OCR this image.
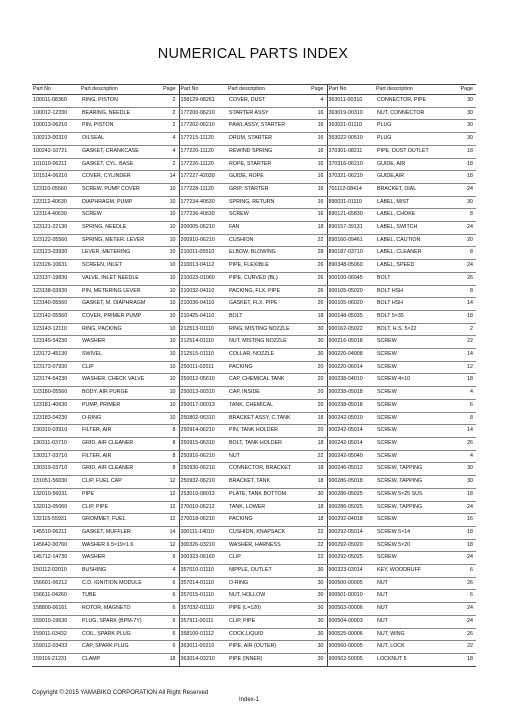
NUMERICAL PARTS INDEX
Part No	Part description	Page	Part No	Part description	Page	Part No	Part description	Page
100011-08360	RING, PISTON	2	158129-08261	COVER, DUST	4	363011-00310	CONNECTOR, PIPE	30
100012-12330	BEARING, NEEDLE	2	177200-06210	STARTER ASSY	16	363019-00310	NUT, CONNECTOR	30
100013-06210	PIN, PISTON	2	177202-06210	PAWL ASSY, STARTER	16	363021-01110	PLUG	30
100213-00310	OILSEAL	4	177215-11120	DRUM, STARTER	16	363022-00510	PLUG	30
100242-10721	GASKET, CRANKCASE	4	177220-11120	REWIND SPRING	16	370301-08211	PIPE, DUST OUTLET	18
101010-06211	GASKET, CYL. BASE	2	177226-11120	ROPE, STARTER	16	370316-06210	GUIDE, AIR	18
101514-06210	COVER, CYLINDER	14	177227-42030	GUIDE, ROPE	16	370321-06210	GUIDE,AIR	18
123110-05560	SCREW, PUMP COVER	10	177228-11120	GRIP, STARTER	16	701112-08414	BRACKET, DIAL	24
123112-40630	DIAPHRAGM, PUMP	10	177234-40630	SPRING, RETURN	16	890031-01110	LABEL, MIST	30
123114-40630	SCREW	10	177236-40630	SCREW	16	890121-65830	LABEL, CHOKE	8
123121-22130	SPRING, NEEDLE	10	200005-06210	FAN	18	890157-39131	LABEL, SWITCH	24
123122-05560	SPRING, METER. LEVER	10	200910-06210	CUSHION	22	890160-09461	LABEL, CAUTION	20
123123-03930	LEVER, METERING	10	210011-05510	ELBOW, BLOWING	28	890187-03710	LABEL, CLEANER	8
123126-10631	SCREEN, INLET	10	210013-04112	PIPE, FLEXIBLE	26	890348-05060	LABEL, SPEED	24
123137-19830	VALVE, INLET NEEDLE	10	210023-01060	PIPE, CURVED (BL)	26	900100-06045	BOLT	26
123138-03930	PIN, METERING LEVER	10	210032-04110	PACKING, FLX. PIPE	26	900105-05020	BOLT HSH	8
123140-05560	GASKET, M. DIAPHRAGM	10	210036-04110	GASKET, FLX. PIPE	26	900105-06020	BOLT HSH	14
123142-05560	COVER, PRIMER PUMP	10	210425-04110	BOLT	18	900148-05035	BOLT 5×35	18
123143-12110	RING, PACKING	10	212513-01110	RING, MISTING NOZZLE	30	900162-05022	BOLT, H.S. 5×22	2
123149-54230	WASHER	10	212514-01110	NUT, MISTING NOZZLE	30	900216-05018	SCREW	22
123172-45130	SWIVEL	10	212515-01110	COLLAR, NOZZLE	30	900220-04008	SCREW	14
123173-07930	CLIP	10	250011-02011	PACKING	20	900220-06014	SCREW	12
123174-54230	WASHER, CHECK VALVE	10	250012-05610	CAP, CHEMICAL TANK	20	900238-04010	SCREW 4×10	18
123180-05560	BODY, AIR PURGE	10	250013-00310	CAP, INSIDE	20	900238-05018	SCREW	4
123181-40630	PUMP, PRIMER	10	250017-06013	TANK, CHEMICAL	20	900238-05018	SCREW	6
123183-04230	O-RING	10	250802-06310	BRACKET ASSY, C.TANK	18	900242-05010	SCREW	8
130310-03910	FILTER, AIR	8	250914-06210	PIN, TANK HOLDER	20	900242-05014	SCREW	14
130311-03710	GRID, AIR CLEANER	8	250915-06310	BOLT, TANK HOLDER	18	900242-05014	SCREW	26
130317-03710	FILTER, AIR	8	250916-06210	NUT	22	900242-05040	SCREW	4
130319-03710	GRID, AIR CLEANER	8	250930-06210	CONNECTOR, BRACKET	18	900246-05012	SCREW, TAPPING	30
131051-56030	CLIP, FUEL CAP	12	250932-06210	BRACKET, TANK	18	900286-05018	SCREW, TAPPING	30
132010-56031	PIPE	12	253010-08013	PLATE, TANK BOTTOM	30	900286-05025	SCREW 5×25 SUS	18
132013-05060	CLIP, PIPE	12	270010-06212	TANK, LOWER	18	900286-05025	SCREW, TAPPING	24
132115-55931	GROMMET, FUEL	12	270018-06210	PACKING	18	900292-04018	SCREW	16
145510-06211	GASKET, MUFFLER	14	300111-14010	CUSHION, KNAPSACK	22	900292-05014	SCREW 5×14	18
145642-00760	WASHER 6.5×19×1.6	12	300326-03210	WASHER, HARNESS	22	900292-05020	SCREW 5×20	18
145712-14730	WASHER	6	300323-06160	CLIP	22	900292-05025	SCREW	24
150112-02010	BUSHING	4	357010-01110	NIPPLE, OUTLET	30	900323-03014	KEY, WOODRUFF	6
156601-06212	C.D. IGNITION MODULE	6	357014-01110	O-RING	30	900500-00005	NUT	26
156611-04260	TUBE	6	357015-01110	NUT, HOLLOW	30	900501-00010	NUT	6
158800-06161	ROTOR, MAGNETO	6	357032-01110	PIPE (L=120)	30	900503-00006	NUT	24
159010-19630	PLUG, SPARK (BPM-7Y)	6	357911-00111	CLIP, PIPE	30	900504-00003	NUT	24
159011-03432	COIL, SPARK PLUG	6	358100-01112	COCK,LIQUID	30	900525-00006	NUT, WING	26
159012-03433	CAP, SPARK PLUG	6	363011-00210	PIPE, AIR (OUTER)	30	900560-00005	NUT, LOCK	22
159116-21231	CLAMP	18	363014-03210	PIPE (INNER)	30	900562-50005	LOCKNUT 5	18
Copyright © 2015 YAMABIKO CORPORATION All Right Reserved
Index-1
